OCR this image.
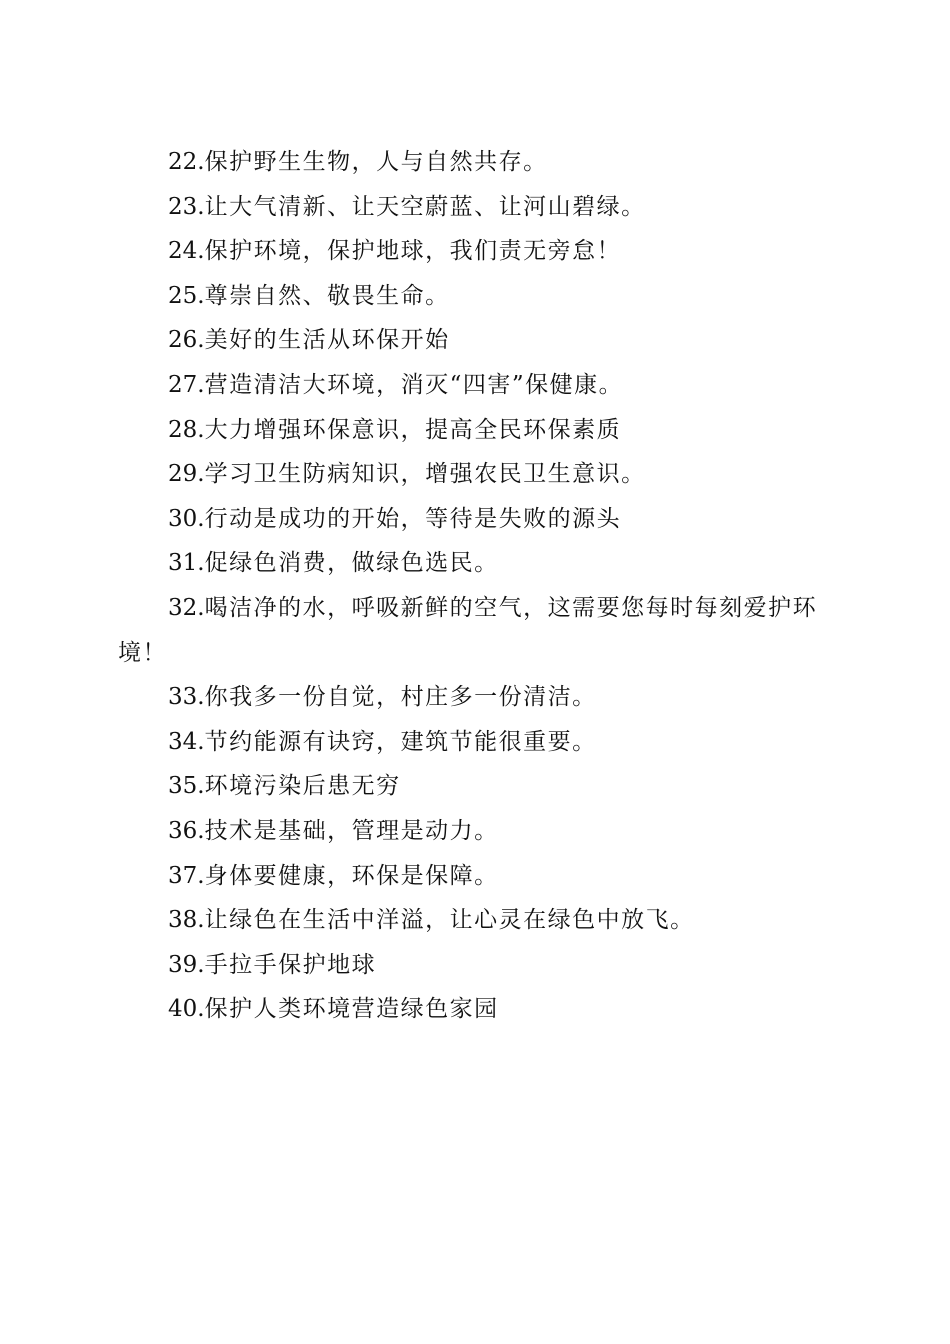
22.保护野生生物，人与自然共存。

23.让大气清新、让天空蔚蓝、让河山碧绿。

24.保护环境，保护地球，我们责无旁怠！

25.尊崇自然、敬畏生命。

26.美好的生活从环保开始

27.营造清洁大环境，消灭“四害”保健康。

28.大力增强环保意识，提高全民环保素质

29.学习卫生防病知识，增强农民卫生意识。

30.行动是成功的开始，等待是失败的源头

31.促绿色消费，做绿色选民。

32.喝洁净的水，呼吸新鲜的空气，这需要您每时每刻爱护环境！

33.你我多一份自觉，村庄多一份清洁。

34.节约能源有诀窍，建筑节能很重要。

35.环境污染后患无穷

36.技术是基础，管理是动力。

37.身体要健康，环保是保障。

38.让绿色在生活中洋溢，让心灵在绿色中放飞。

39.手拉手保护地球

40.保护人类环境营造绿色家园
